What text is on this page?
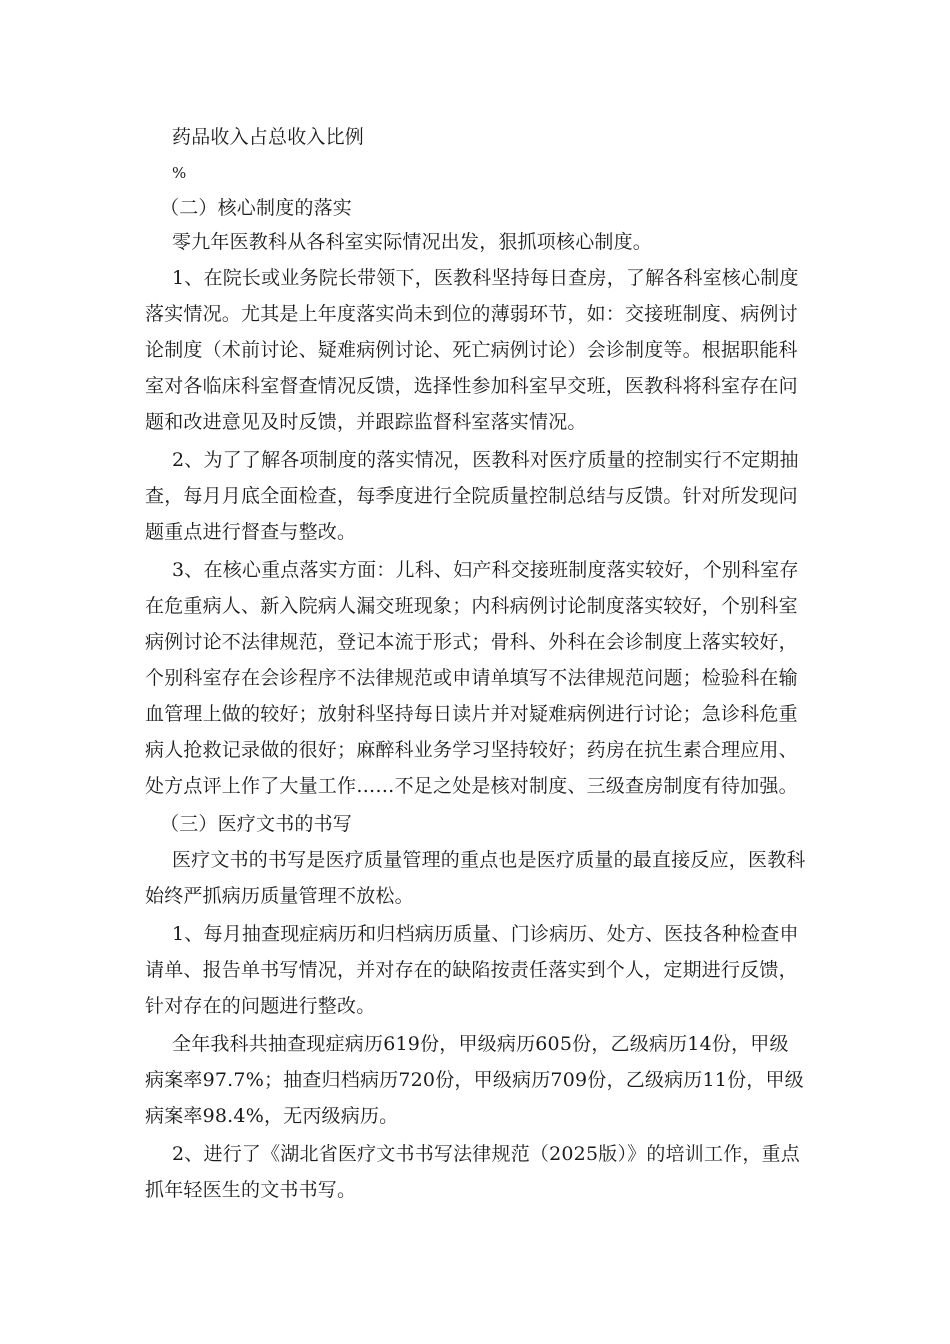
药品收入占总收入比例
%
（二）核心制度的落实
零九年医教科从各科室实际情况出发，狠抓项核心制度。
1、在院长或业务院长带领下，医教科坚持每日查房，了解各科室核心制度
落实情况。尤其是上年度落实尚未到位的薄弱环节，如：交接班制度、病例讨
论制度（术前讨论、疑难病例讨论、死亡病例讨论）会诊制度等。根据职能科
室对各临床科室督查情况反馈，选择性参加科室早交班，医教科将科室存在问
题和改进意见及时反馈，并跟踪监督科室落实情况。
2、为了了解各项制度的落实情况，医教科对医疗质量的控制实行不定期抽
查，每月月底全面检查，每季度进行全院质量控制总结与反馈。针对所发现问
题重点进行督查与整改。
3、在核心重点落实方面：儿科、妇产科交接班制度落实较好，个别科室存
在危重病人、新入院病人漏交班现象；内科病例讨论制度落实较好，个别科室
病例讨论不法律规范，登记本流于形式；骨科、外科在会诊制度上落实较好，
个别科室存在会诊程序不法律规范或申请单填写不法律规范问题；检验科在输
血管理上做的较好；放射科坚持每日读片并对疑难病例进行讨论；急诊科危重
病人抢救记录做的很好；麻醉科业务学习坚持较好；药房在抗生素合理应用、
处方点评上作了大量工作……不足之处是核对制度、三级查房制度有待加强。
（三）医疗文书的书写
医疗文书的书写是医疗质量管理的重点也是医疗质量的最直接反应，医教科
始终严抓病历质量管理不放松。
1、每月抽查现症病历和归档病历质量、门诊病历、处方、医技各种检查申
请单、报告单书写情况，并对存在的缺陷按责任落实到个人，定期进行反馈，
针对存在的问题进行整改。
全年我科共抽查现症病历619份，甲级病历605份，乙级病历14份，甲级
病案率97.7%；抽查归档病历720份，甲级病历709份，乙级病历11份，甲级
病案率98.4%，无丙级病历。
2、进行了《湖北省医疗文书书写法律规范（2025版）》的培训工作，重点
抓年轻医生的文书书写。
